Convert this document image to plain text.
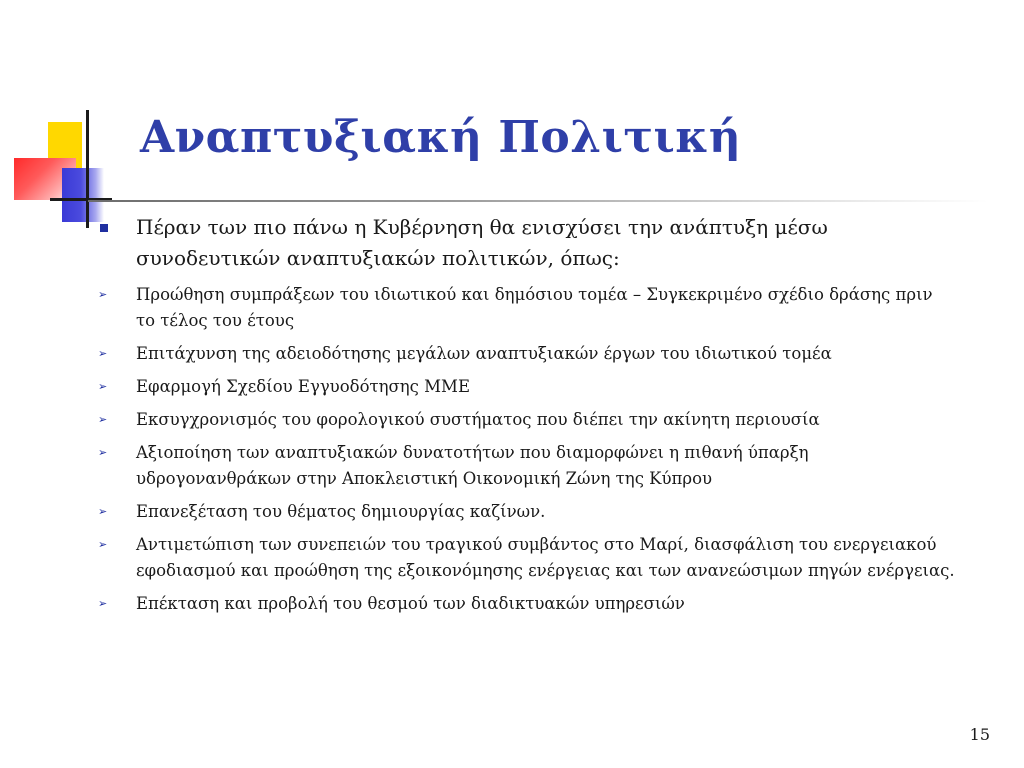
Αναπτυξιακή Πολιτική

Πέραν των πιο πάνω η Κυβέρνηση θα ενισχύσει την ανάπτυξη μέσω συνοδευτικών αναπτυξιακών πολιτικών, όπως:

➢ Προώθηση συμπράξεων του ιδιωτικού και δημόσιου τομέα – Συγκεκριμένο σχέδιο δράσης πριν το τέλος του έτους
➢ Επιτάχυνση της αδειοδότησης μεγάλων αναπτυξιακών έργων του ιδιωτικού τομέα
➢ Εφαρμογή Σχεδίου Εγγυοδότησης ΜΜΕ
➢ Εκσυγχρονισμός του φορολογικού συστήματος που διέπει την ακίνητη περιουσία
➢ Αξιοποίηση των αναπτυξιακών δυνατοτήτων που διαμορφώνει η πιθανή ύπαρξη υδρογονανθράκων στην Αποκλειστική Οικονομική Ζώνη της Κύπρου
➢ Επανεξέταση του θέματος δημιουργίας καζίνων.
➢ Αντιμετώπιση των συνεπειών του τραγικού συμβάντος στο Μαρί, διασφάλιση του ενεργειακού εφοδιασμού και προώθηση της εξοικονόμησης ενέργειας και των ανανεώσιμων πηγών ενέργειας.
➢ Επέκταση και προβολή του θεσμού των διαδικτυακών υπηρεσιών
15
